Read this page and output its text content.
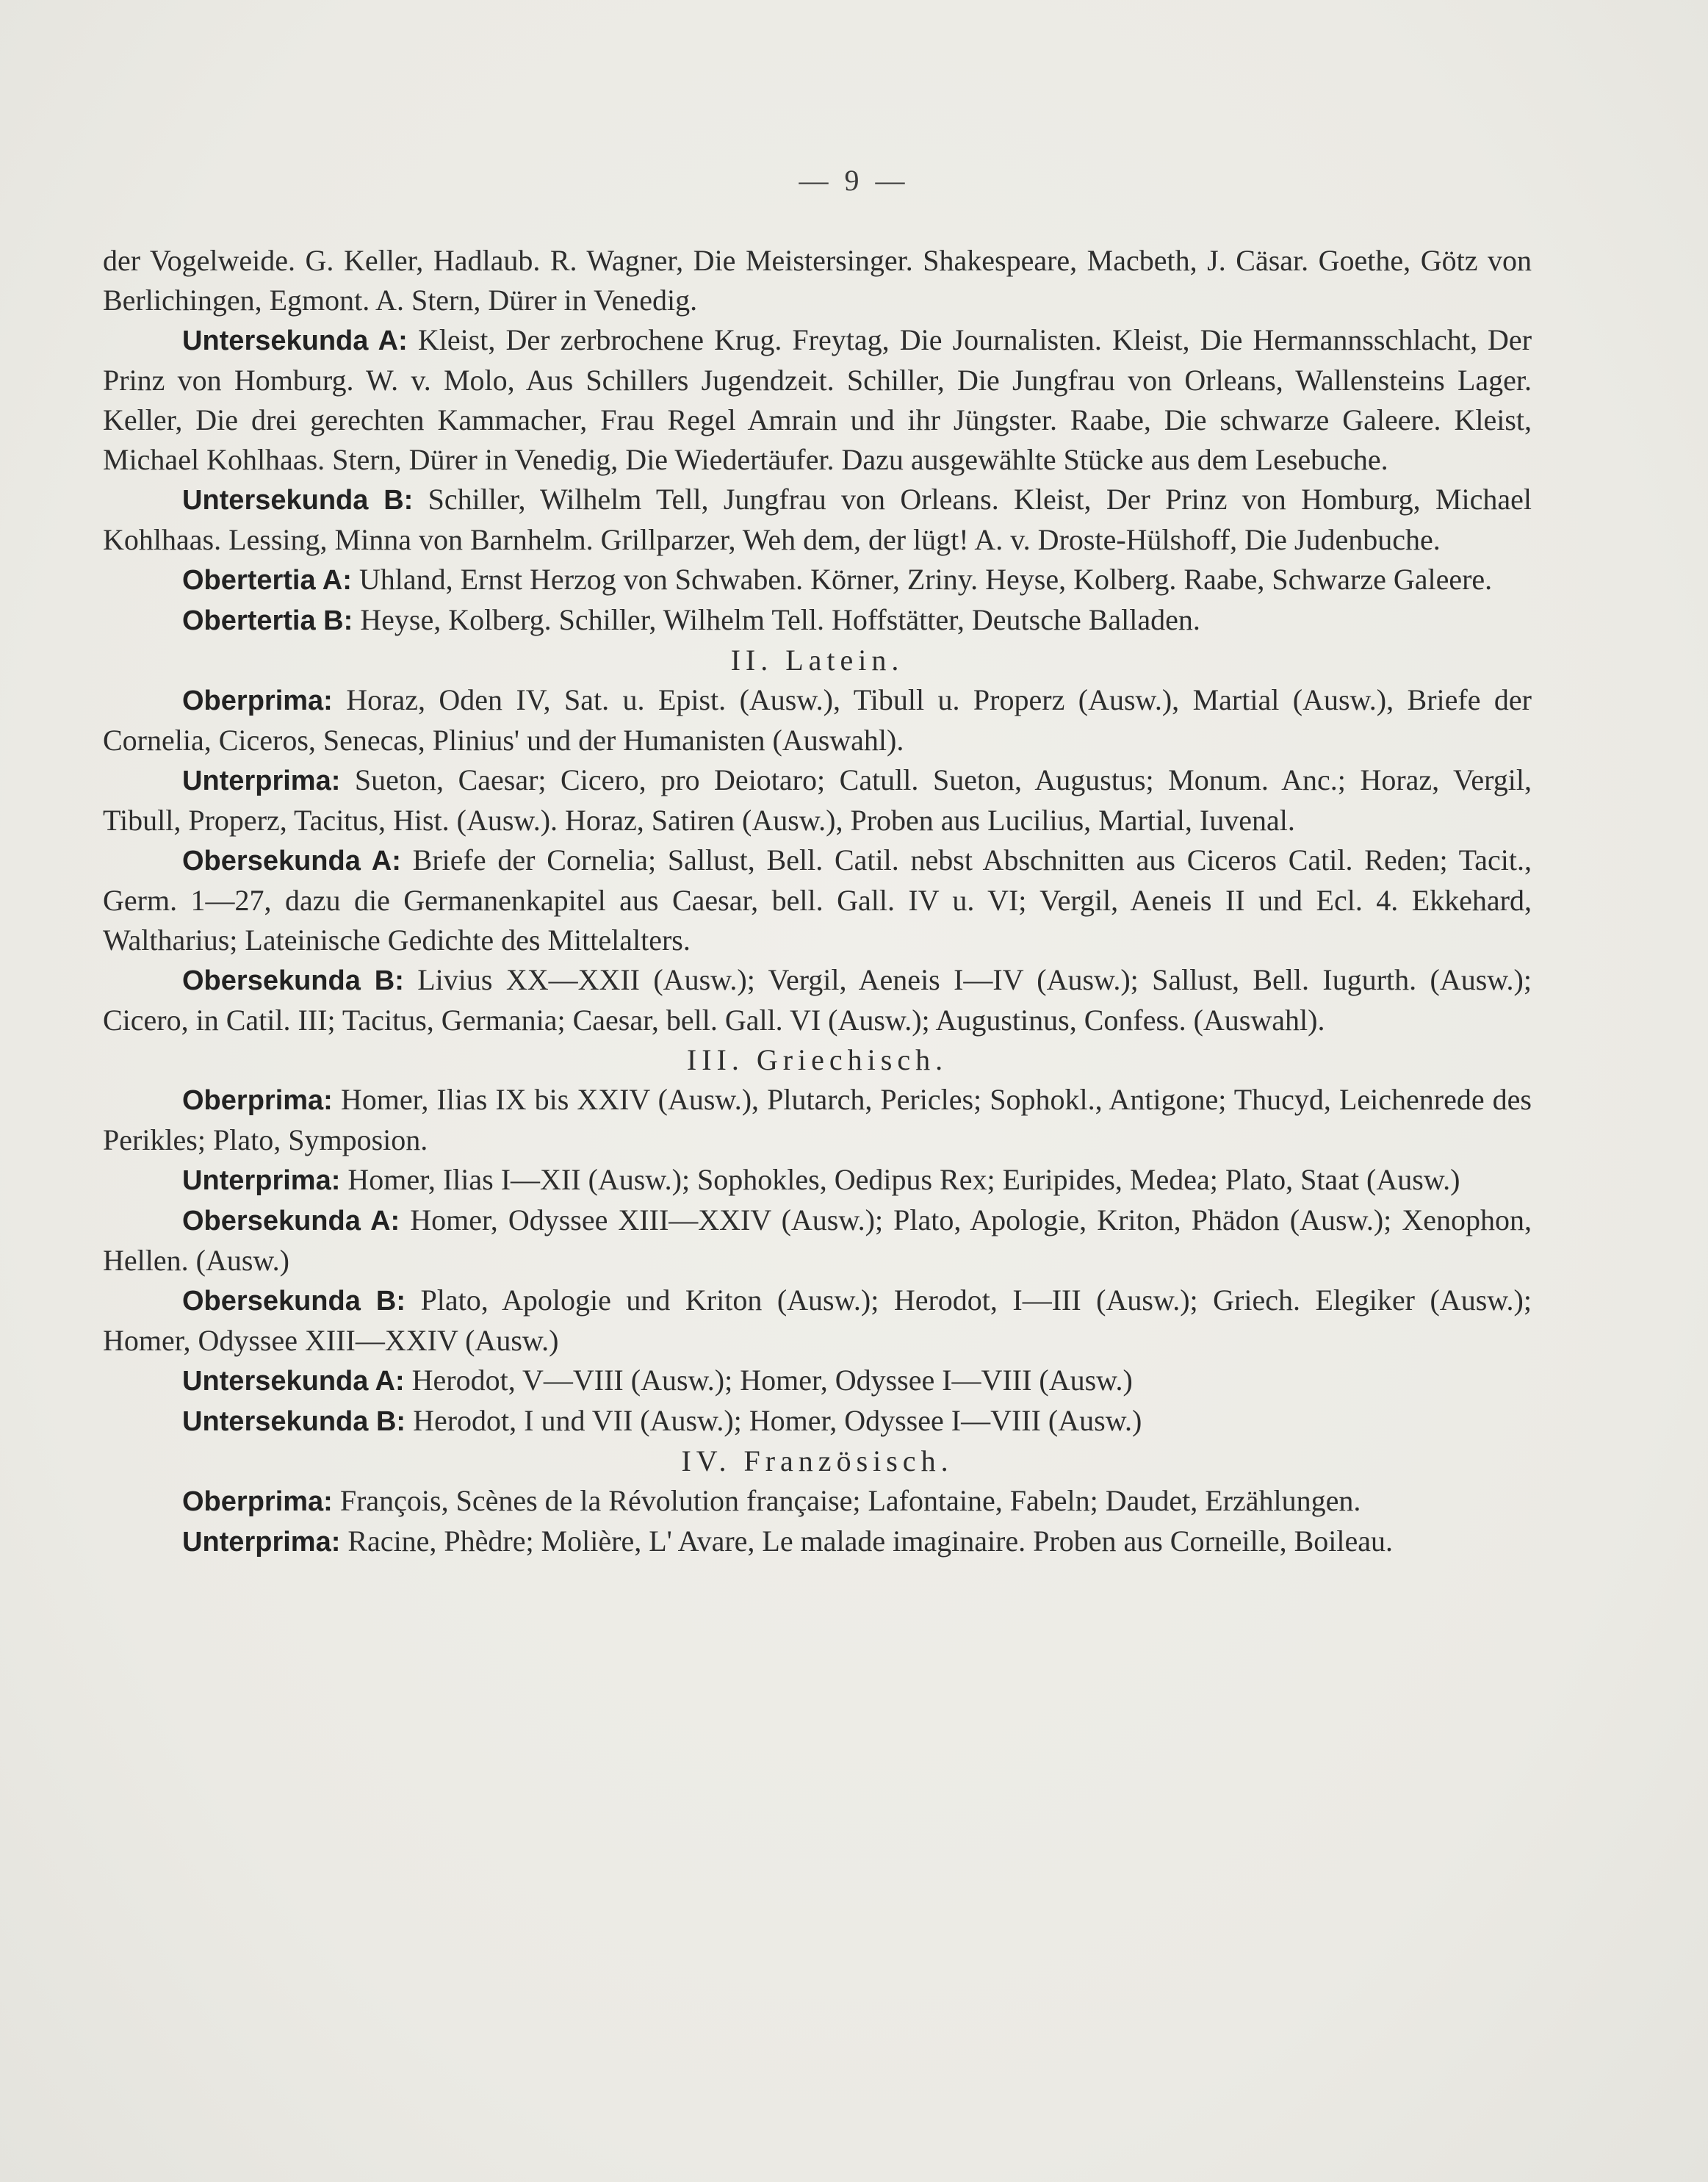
— 9 —

der Vogelweide. G. Keller, Hadlaub. R. Wagner, Die Meistersinger. Shakespeare, Macbeth, J. Cäsar. Goethe, Götz von Berlichingen, Egmont. A. Stern, Dürer in Venedig.

Untersekunda A: Kleist, Der zerbrochene Krug. Freytag, Die Journalisten. Kleist, Die Hermannsschlacht, Der Prinz von Homburg. W. v. Molo, Aus Schillers Jugendzeit. Schiller, Die Jungfrau von Orleans, Wallensteins Lager. Keller, Die drei gerechten Kammacher, Frau Regel Amrain und ihr Jüngster. Raabe, Die schwarze Galeere. Kleist, Michael Kohlhaas. Stern, Dürer in Venedig, Die Wiedertäufer. Dazu ausgewählte Stücke aus dem Lesebuche.

Untersekunda B: Schiller, Wilhelm Tell, Jungfrau von Orleans. Kleist, Der Prinz von Homburg, Michael Kohlhaas. Lessing, Minna von Barnhelm. Grillparzer, Weh dem, der lügt! A. v. Droste-Hülshoff, Die Judenbuche.

Obertertia A: Uhland, Ernst Herzog von Schwaben. Körner, Zriny. Heyse, Kolberg. Raabe, Schwarze Galeere.

Obertertia B: Heyse, Kolberg. Schiller, Wilhelm Tell. Hoffstätter, Deutsche Balladen.

II. Latein.

Oberprima: Horaz, Oden IV, Sat. u. Epist. (Ausw.), Tibull u. Properz (Ausw.), Martial (Ausw.), Briefe der Cornelia, Ciceros, Senecas, Plinius' und der Humanisten (Auswahl).

Unterprima: Sueton, Caesar; Cicero, pro Deiotaro; Catull. Sueton, Augustus; Monum. Anc.; Horaz, Vergil, Tibull, Properz, Tacitus, Hist. (Ausw.). Horaz, Satiren (Ausw.), Proben aus Lucilius, Martial, Iuvenal.

Obersekunda A: Briefe der Cornelia; Sallust, Bell. Catil. nebst Abschnitten aus Ciceros Catil. Reden; Tacit., Germ. 1—27, dazu die Germanenkapitel aus Caesar, bell. Gall. IV u. VI; Vergil, Aeneis II und Ecl. 4. Ekkehard, Waltharius; Lateinische Gedichte des Mittelalters.

Obersekunda B: Livius XX—XXII (Ausw.); Vergil, Aeneis I—IV (Ausw.); Sallust, Bell. Iugurth. (Ausw.); Cicero, in Catil. III; Tacitus, Germania; Caesar, bell. Gall. VI (Ausw.); Augustinus, Confess. (Auswahl).

III. Griechisch.

Oberprima: Homer, Ilias IX bis XXIV (Ausw.), Plutarch, Pericles; Sophokl., Antigone; Thucyd, Leichenrede des Perikles; Plato, Symposion.

Unterprima: Homer, Ilias I—XII (Ausw.); Sophokles, Oedipus Rex; Euripides, Medea; Plato, Staat (Ausw.)

Obersekunda A: Homer, Odyssee XIII—XXIV (Ausw.); Plato, Apologie, Kriton, Phädon (Ausw.); Xenophon, Hellen. (Ausw.)

Obersekunda B: Plato, Apologie und Kriton (Ausw.); Herodot, I—III (Ausw.); Griech. Elegiker (Ausw.); Homer, Odyssee XIII—XXIV (Ausw.)

Untersekunda A: Herodot, V—VIII (Ausw.); Homer, Odyssee I—VIII (Ausw.)

Untersekunda B: Herodot, I und VII (Ausw.); Homer, Odyssee I—VIII (Ausw.)

IV. Französisch.

Oberprima: François, Scènes de la Révolution française; Lafontaine, Fabeln; Daudet, Erzählungen.

Unterprima: Racine, Phèdre; Molière, L' Avare, Le malade imaginaire. Proben aus Corneille, Boileau.
